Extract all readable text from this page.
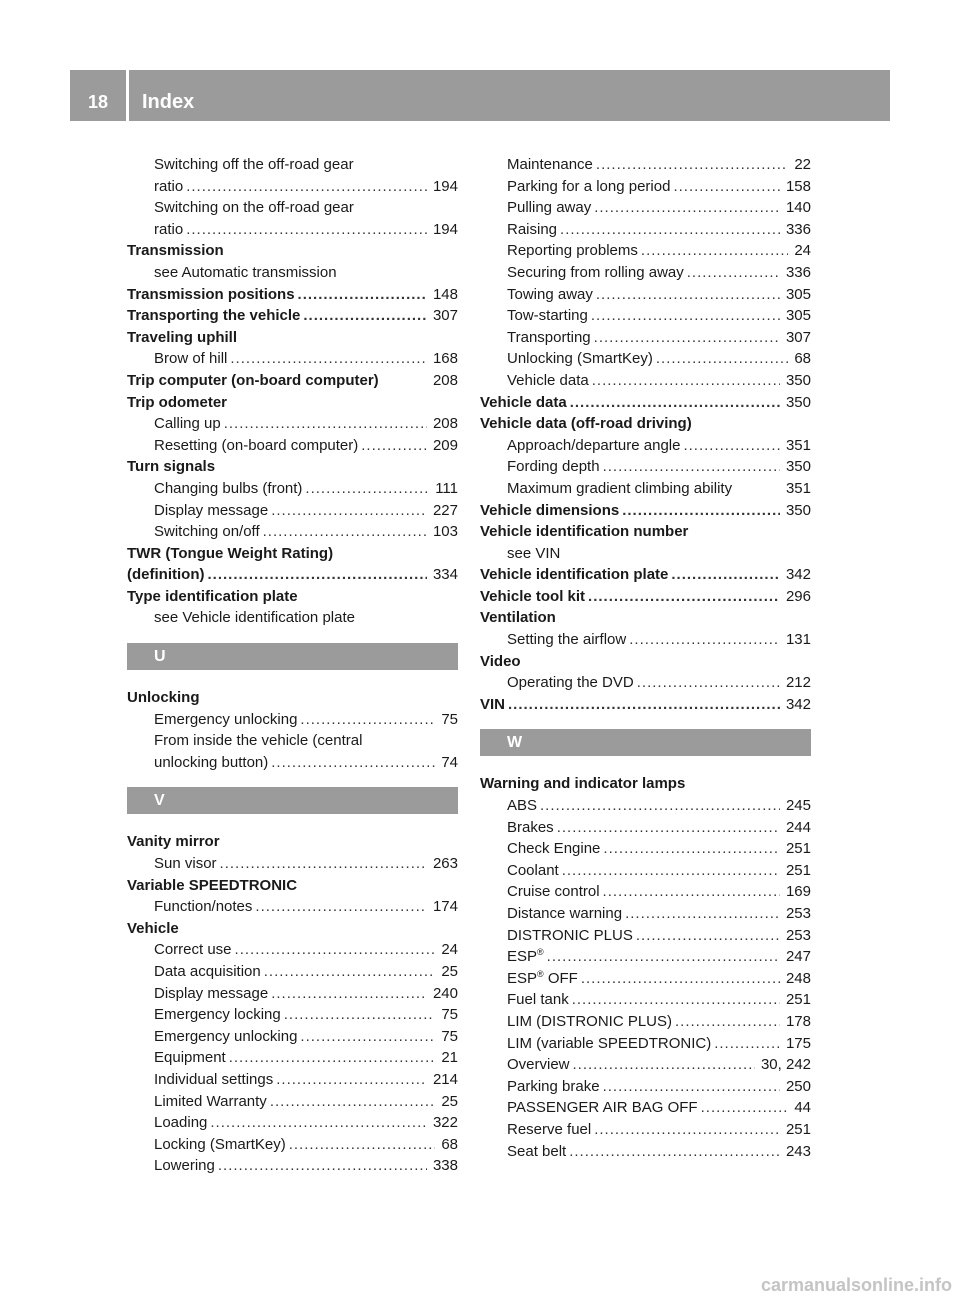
18	Index
Switching off the off-road gear
ratio .....	194
Switching on the off-road gear
ratio .....	194
Transmission
see Automatic transmission
Transmission positions .....	148
Transporting the vehicle .....	307
Traveling uphill
Brow of hill .....	168
Trip computer (on-board computer)	208
Trip odometer
Calling up .....	208
Resetting (on-board computer) .....	209
Turn signals
Changing bulbs (front) .....	111
Display message .....	227
Switching on/off .....	103
TWR (Tongue Weight Rating)
(definition) .....	334
Type identification plate
see Vehicle identification plate
U
Unlocking
Emergency unlocking .....	75
From inside the vehicle (central
unlocking button) .....	74
V
Vanity mirror
Sun visor .....	263
Variable SPEEDTRONIC
Function/notes .....	174
Vehicle
Correct use .....	24
Data acquisition .....	25
Display message .....	240
Emergency locking .....	75
Emergency unlocking .....	75
Equipment .....	21
Individual settings .....	214
Limited Warranty .....	25
Loading .....	322
Locking (SmartKey) .....	68
Lowering .....	338
Maintenance .....	22
Parking for a long period .....	158
Pulling away .....	140
Raising .....	336
Reporting problems .....	24
Securing from rolling away .....	336
Towing away .....	305
Tow-starting .....	305
Transporting .....	307
Unlocking (SmartKey) .....	68
Vehicle data .....	350
Vehicle data .....	350
Vehicle data (off-road driving)
Approach/departure angle .....	351
Fording depth .....	350
Maximum gradient climbing ability	351
Vehicle dimensions .....	350
Vehicle identification number
see VIN
Vehicle identification plate .....	342
Vehicle tool kit .....	296
Ventilation
Setting the airflow .....	131
Video
Operating the DVD .....	212
VIN .....	342
W
Warning and indicator lamps
ABS .....	245
Brakes .....	244
Check Engine .....	251
Coolant .....	251
Cruise control .....	169
Distance warning .....	253
DISTRONIC PLUS .....	253
ESP® .....	247
ESP® OFF .....	248
Fuel tank .....	251
LIM (DISTRONIC PLUS) .....	178
LIM (variable SPEEDTRONIC) .....	175
Overview .....	30, 242
Parking brake .....	250
PASSENGER AIR BAG OFF .....	44
Reserve fuel .....	251
Seat belt .....	243
carmanualsonline.info
